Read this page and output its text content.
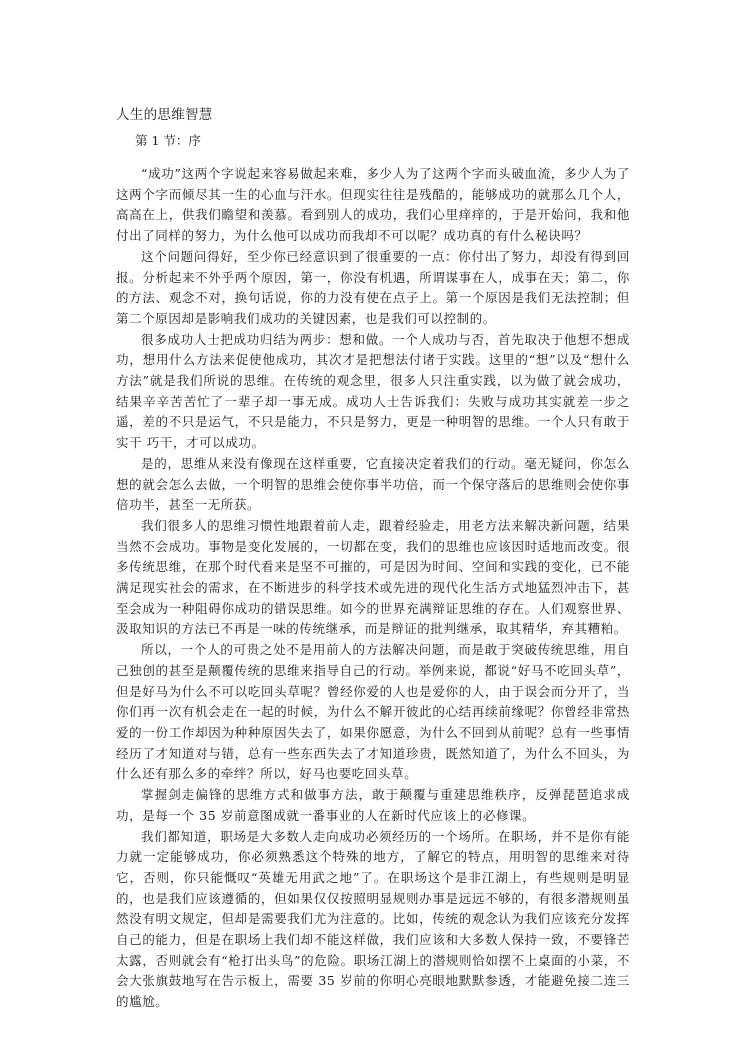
人生的思维智慧
第 1 节：序

“成功”这两个字说起来容易做起来难，多少人为了这两个字而头破血流，多少人为了这两个字而倾尽其一生的心血与汗水。但现实往往是残酷的，能够成功的就那么几个人，高高在上，供我们瞻望和羡慕。看到别人的成功，我们心里痒痒的，于是开始问，我和他付出了同样的努力，为什么他可以成功而我却不可以呢？成功真的有什么秘诀吗？

这个问题问得好，至少你已经意识到了很重要的一点：你付出了努力，却没有得到回报。分析起来不外乎两个原因，第一，你没有机遇，所谓谋事在人，成事在天；第二，你的方法、观念不对，换句话说，你的力没有使在点子上。第一个原因是我们无法控制；但第二个原因却是影响我们成功的关键因素，也是我们可以控制的。

很多成功人士把成功归结为两步：想和做。一个人成功与否，首先取决于他想不想成功，想用什么方法来促使他成功，其次才是把想法付诸于实践。这里的“想”以及“想什么方法”就是我们所说的思维。在传统的观念里，很多人只注重实践，以为做了就会成功，结果辛辛苦苦忙了一辈子却一事无成。成功人士告诉我们：失败与成功其实就差一步之遥，差的不只是运气，不只是能力，不只是努力，更是一种明智的思维。一个人只有敢于 实干 巧干，才可以成功。

是的，思维从来没有像现在这样重要，它直接决定着我们的行动。毫无疑问，你怎么想的就会怎么去做，一个明智的思维会使你事半功倍，而一个保守落后的思维则会使你事倍功半，甚至一无所获。

我们很多人的思维习惯性地跟着前人走，跟着经验走，用老方法来解决新问题，结果当然不会成功。事物是变化发展的，一切都在变，我们的思维也应该因时适地而改变。很多传统思维，在那个时代看来是坚不可摧的，可是因为时间、空间和实践的变化，已不能满足现实社会的需求，在不断进步的科学技术或先进的现代化生活方式地猛烈冲击下，甚至会成为一种阻碍你成功的错误思维。如今的世界充满辩证思维的存在。人们观察世界、汲取知识的方法已不再是一味的传统继承，而是辩证的批判继承，取其精华，弃其糟粕。

所以，一个人的可贵之处不是用前人的方法解决问题，而是敢于突破传统思维，用自己独创的甚至是颠覆传统的思维来指导自己的行动。举例来说，都说“好马不吃回头草”，但是好马为什么不可以吃回头草呢？曾经你爱的人也是爱你的人，由于误会而分开了，当你们再一次有机会走在一起的时候，为什么不解开彼此的心结再续前缘呢？你曾经非常热爱的一份工作却因为种种原因失去了，如果你愿意，为什么不回到从前呢？总有一些事情经历了才知道对与错，总有一些东西失去了才知道珍贵，既然知道了，为什么不回头，为什么还有那么多的牵绊？所以，好马也要吃回头草。

掌握剑走偏锋的思维方式和做事方法，敢于颠覆与重建思维秩序，反弹琵琶追求成功，是每一个 35 岁前意图成就一番事业的人在新时代应该上的必修课。

我们都知道，职场是大多数人走向成功必须经历的一个场所。在职场，并不是你有能力就一定能够成功，你必须熟悉这个特殊的地方，了解它的特点，用明智的思维来对待它，否则，你只能慨叹“英雄无用武之地”了。在职场这个是非江湖上，有些规则是明显的，也是我们应该遵循的，但如果仅仅按照明显规则办事是远远不够的，有很多潜规则虽然没有明文规定，但却是需要我们尤为注意的。比如，传统的观念认为我们应该充分发挥自己的能力，但是在职场上我们却不能这样做，我们应该和大多数人保持一致，不要锋芒太露，否则就会有“枪打出头鸟”的危险。职场江湖上的潜规则恰如摆不上桌面的小菜，不会大张旗鼓地写在告示板上，需要 35 岁前的你明心亮眼地默默参透，才能避免接二连三的尴尬。
